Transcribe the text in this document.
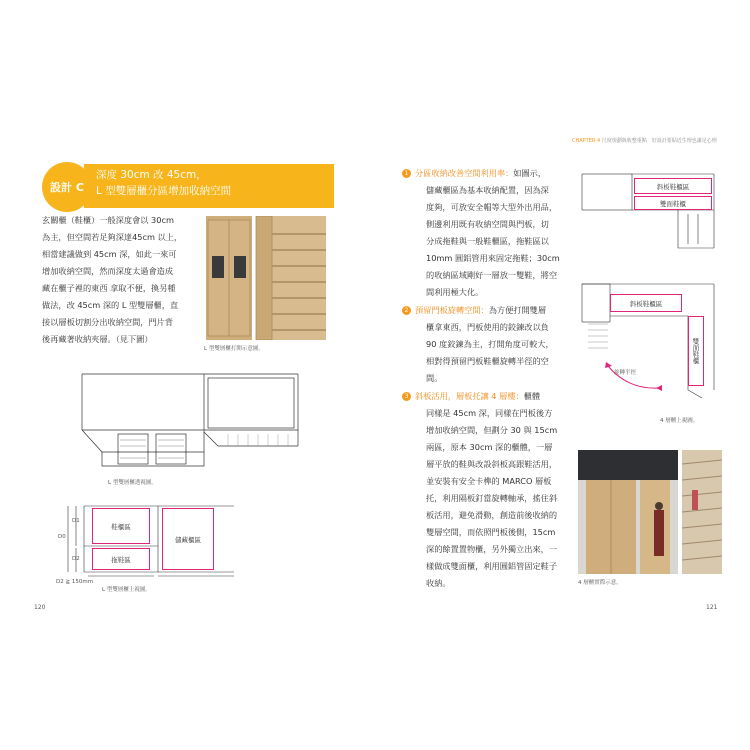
設計 C
深度 30cm 改 45cm，
L 型雙層櫃分區增加收納空間
玄關櫃（鞋櫃）一般深度會以 30cm
為主，但空間若足夠深達45cm 以上，
相當建議做到 45cm 深，如此一來可
增加收納空間，然而深度太過會造成
藏在櫃子裡的東西 拿取不便，換另種
做法，改 45cm 深的 L 型雙層櫃，直
接以層板切割分出收納空間，門片背
後再藏著收納夾層。（見下圖）
L 型雙層櫃打開示意圖。
L 型雙層櫃透視圖。
D1
D0
D2
鞋櫃區
儲藏櫃區
拖鞋區
D2 ≧ 150mm
L 型雙層櫃上視圖。
120
CHAPTER 4 尺度規劃與收整重點　好設計要貼近生理也滿足心理
1 分區收納改善空間利用率：如圖示，
儲藏櫃區為基本收納配置，因為深
度夠，可放安全帽等大型外出用品，
側邊利用既有收納空間與門板，切
分成拖鞋與一般鞋櫃區，拖鞋區以
10mm 圓鋁管用來固定拖鞋；30cm
的收納區域剛好一層放一雙鞋，將空
間利用極大化。
2 預留門板旋轉空間：為方便打開雙層
櫃拿東西，門板使用的鉸鍊改以負
90 度鉸鍊為主，打開角度可較大，
相對得預留門板鞋櫃旋轉半徑的空
間。
3 斜板活用，層板托讓 4 層樓：櫃體
同樣是 45cm 深，同樣在門板後方
增加收納空間，但劃分 30 與 15cm
兩區，原本 30cm 深的櫃體，一層
層平放的鞋與改設斜板高跟鞋活用，
並安裝有安全卡榫的 MARCO 層板
托，利用隔板釘當旋轉軸承，搖住斜
板活用，避免滑動，創造前後收納的
雙層空間，而依照門板後側，15cm
深的餘置置物櫃，另外獨立出來，一
樣做成雙面櫃，利用圓鋁管固定鞋子
收納。
斜板鞋櫃區
雙面鞋櫃
斜板鞋櫃區
雙面鞋櫃
旋轉半徑
4 層櫃上視圖。
4 層櫃實際示意。
121
